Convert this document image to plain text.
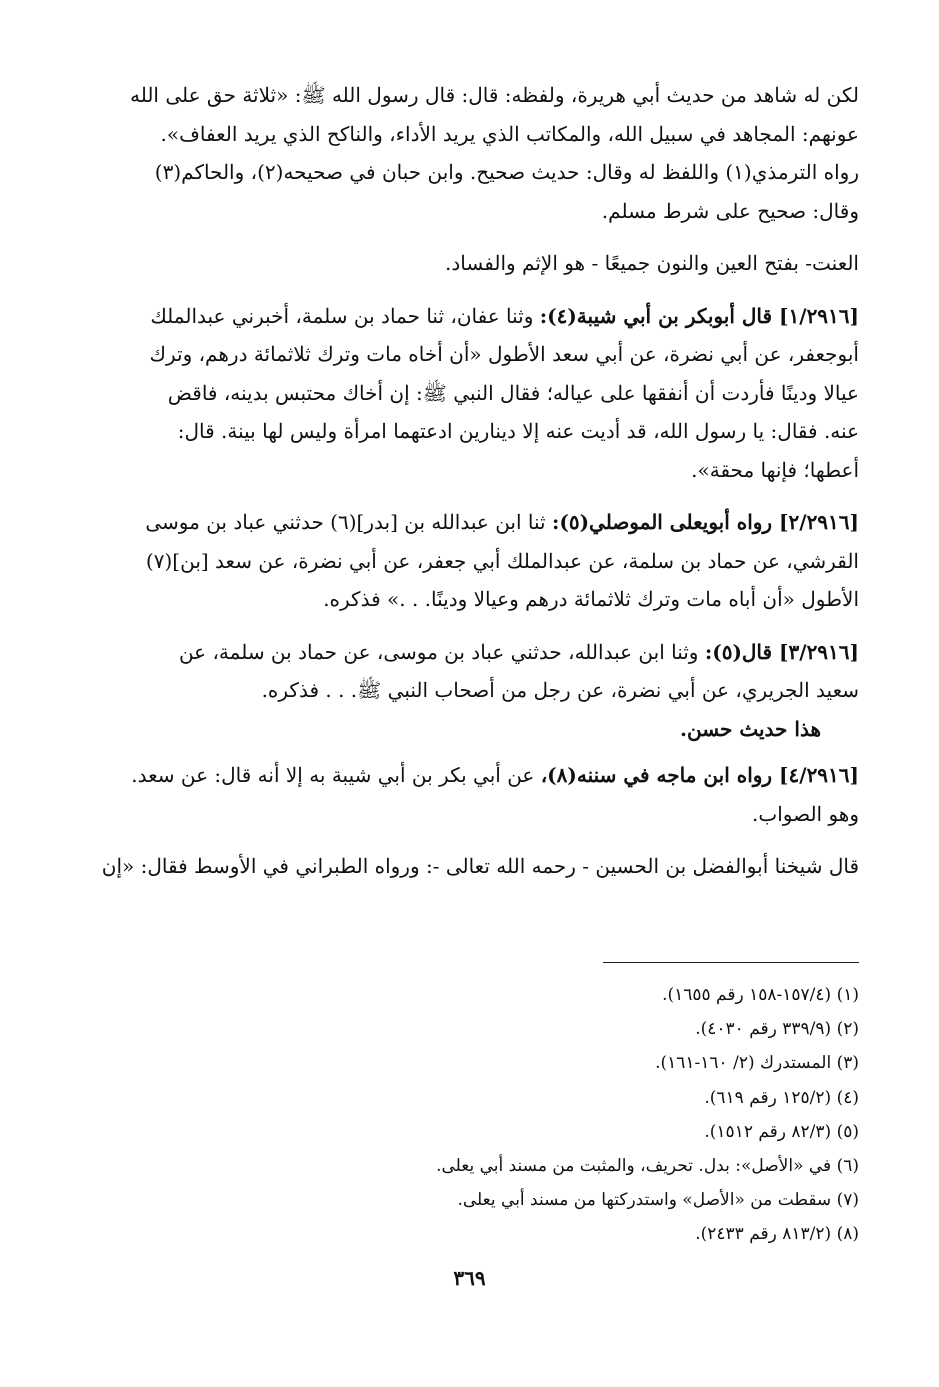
لكن له شاهد من حديث أبي هريرة، ولفظه: قال: قال رسول الله ﷺ: «ثلاثة حق على الله
عونهم: المجاهد في سبيل الله، والمكاتب الذي يريد الأداء، والناكح الذي يريد العفاف».
رواه الترمذي(١) واللفظ له وقال: حديث صحيح. وابن حبان في صحيحه(٢)، والحاكم(٣)
وقال: صحيح على شرط مسلم.

العنت- بفتح العين والنون جميعًا - هو الإثم والفساد.

[١/٢٩١٦] قال أبوبكر بن أبي شيبة(٤): وثنا عفان، ثنا حماد بن سلمة، أخبرني عبدالملك
أبوجعفر، عن أبي نضرة، عن أبي سعد الأطول «أن أخاه مات وترك ثلاثمائة درهم، وترك
عيالا ودينًا فأردت أن أنفقها على عياله؛ فقال النبي ﷺ: إن أخاك محتبس بدينه، فاقض
عنه. فقال: يا رسول الله، قد أديت عنه إلا دينارين ادعتهما امرأة وليس لها بينة. قال:
أعطها؛ فإنها محقة».

[٢/٢٩١٦] رواه أبويعلى الموصلي(٥): ثنا ابن عبدالله بن [بدر](٦) حدثني عباد بن موسى
القرشي، عن حماد بن سلمة، عن عبدالملك أبي جعفر، عن أبي نضرة، عن سعد [بن](٧)
الأطول «أن أباه مات وترك ثلاثمائة درهم وعيالا ودينًا. . .» فذكره.

[٣/٢٩١٦] قال(٥): وثنا ابن عبدالله، حدثني عباد بن موسى، عن حماد بن سلمة، عن
سعيد الجريري، عن أبي نضرة، عن رجل من أصحاب النبي ﷺ. . . فذكره.

هذا حديث حسن.

[٤/٢٩١٦] رواه ابن ماجه في سننه(٨)، عن أبي بكر بن أبي شيبة به إلا أنه قال: عن سعد.
وهو الصواب.

قال شيخنا أبوالفضل بن الحسين - رحمه الله تعالى -: ورواه الطبراني في الأوسط فقال: «إن

(١) (١٥٧/٤-١٥٨ رقم ١٦٥٥).
(٢) (٣٣٩/٩ رقم ٤٠٣٠).
(٣) المستدرك (٢/ ١٦٠-١٦١).
(٤) (١٢٥/٢ رقم ٦١٩).
(٥) (٨٢/٣ رقم ١٥١٢).
(٦) في «الأصل»: بدل. تحريف، والمثبت من مسند أبي يعلى.
(٧) سقطت من «الأصل» واستدركتها من مسند أبي يعلى.
(٨) (٨١٣/٢ رقم ٢٤٣٣).
٣٦٩
